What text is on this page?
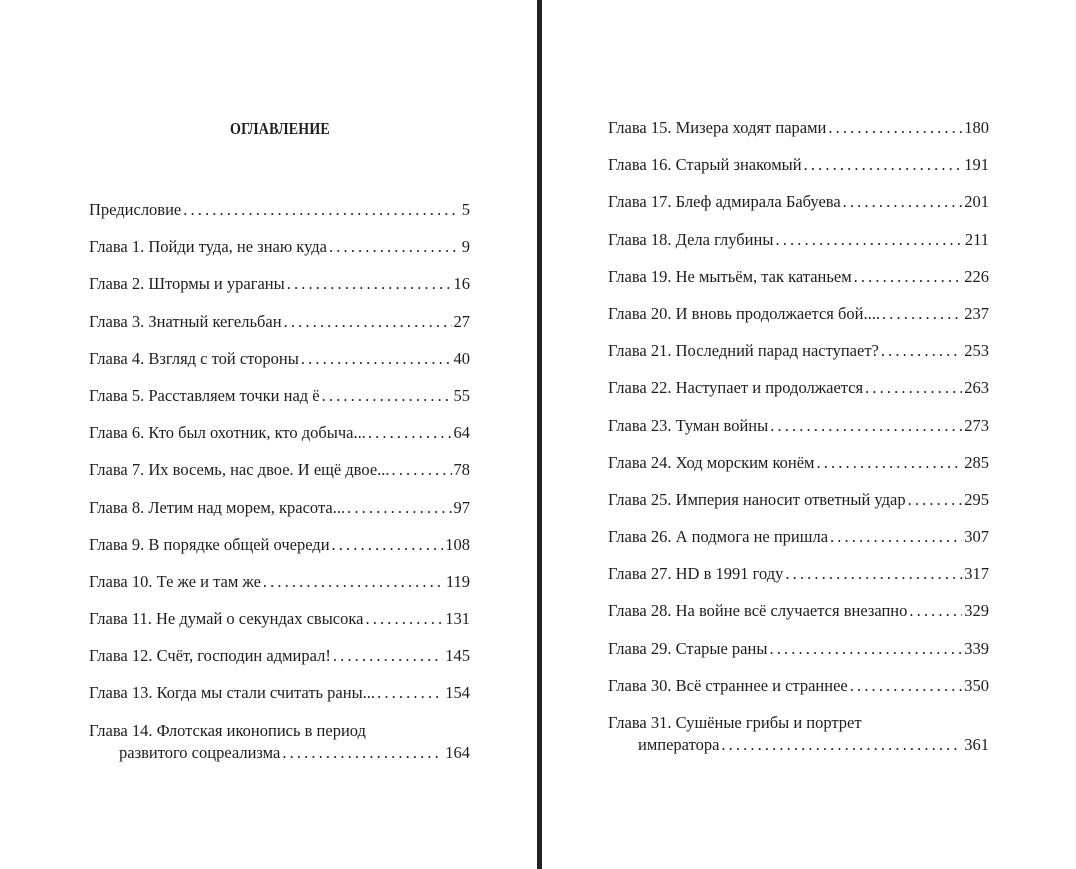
ОГЛАВЛЕНИЕ
Предисловие . . .	5
Глава 1. Пойди туда, не знаю куда . . .	9
Глава 2. Штормы и ураганы . . .	16
Глава 3. Знатный кегельбан . . .	27
Глава 4. Взгляд с той стороны . . .	40
Глава 5. Расставляем точки над ё . . .	55
Глава 6. Кто был охотник, кто добыча... . . .	64
Глава 7. Их восемь, нас двое. И ещё двое... . . .	78
Глава 8. Летим над морем, красота... . . .	97
Глава 9. В порядке общей очереди . . .	108
Глава 10. Те же и там же . . .	119
Глава 11. Не думай о секундах свысока . . .	131
Глава 12. Счёт, господин адмирал! . . .	145
Глава 13. Когда мы стали считать раны... . . .	154
Глава 14. Флотская иконопись в период
развитого соцреализма . . .	164
Глава 15. Мизера ходят парами . . .	180
Глава 16. Старый знакомый . . .	191
Глава 17. Блеф адмирала Бабуева . . .	201
Глава 18. Дела глубины . . .	211
Глава 19. Не мытьём, так катаньем . . .	226
Глава 20. И вновь продолжается бой.... . . .	237
Глава 21. Последний парад наступает? . . .	253
Глава 22. Наступает и продолжается . . .	263
Глава 23. Туман войны . . .	273
Глава 24. Ход морским конём . . .	285
Глава 25. Империя наносит ответный удар . . .	295
Глава 26. А подмога не пришла . . .	307
Глава 27. HD в 1991 году . . .	317
Глава 28. На войне всё случается внезапно . . .	329
Глава 29. Старые раны . . .	339
Глава 30. Всё страннее и страннее . . .	350
Глава 31. Сушёные грибы и портрет
императора . . .	361
